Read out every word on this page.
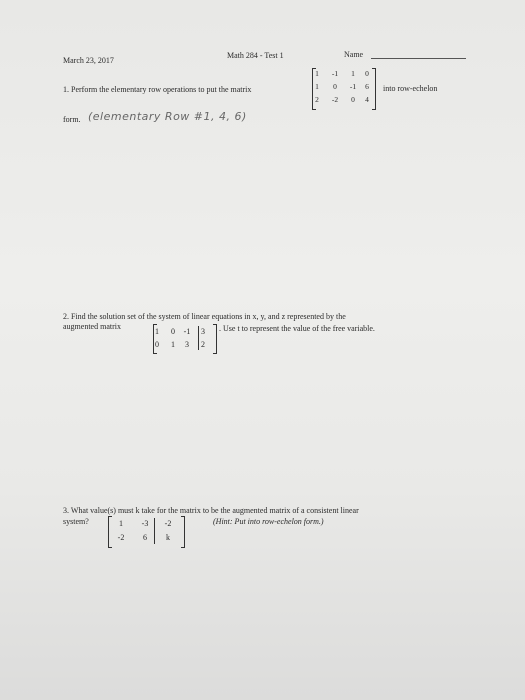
March 23, 2017
Math 284 - Test 1	Name
1. Perform the elementary row operations to put the matrix
1	-1	1	0
1	0	-1	6
2	-2	0	4
into row-echelon
form. (elementary Row #1, 4, 6)
2. Find the solution set of the system of linear equations in x, y, and z represented by the
augmented matrix
1	0	-1	3
0	1	3	2
. Use t to represent the value of the free variable.
3. What value(s) must k take for the matrix to be the augmented matrix of a consistent linear
system?	1	-3	-2
-2	6	k
(Hint: Put into row-echelon form.)
